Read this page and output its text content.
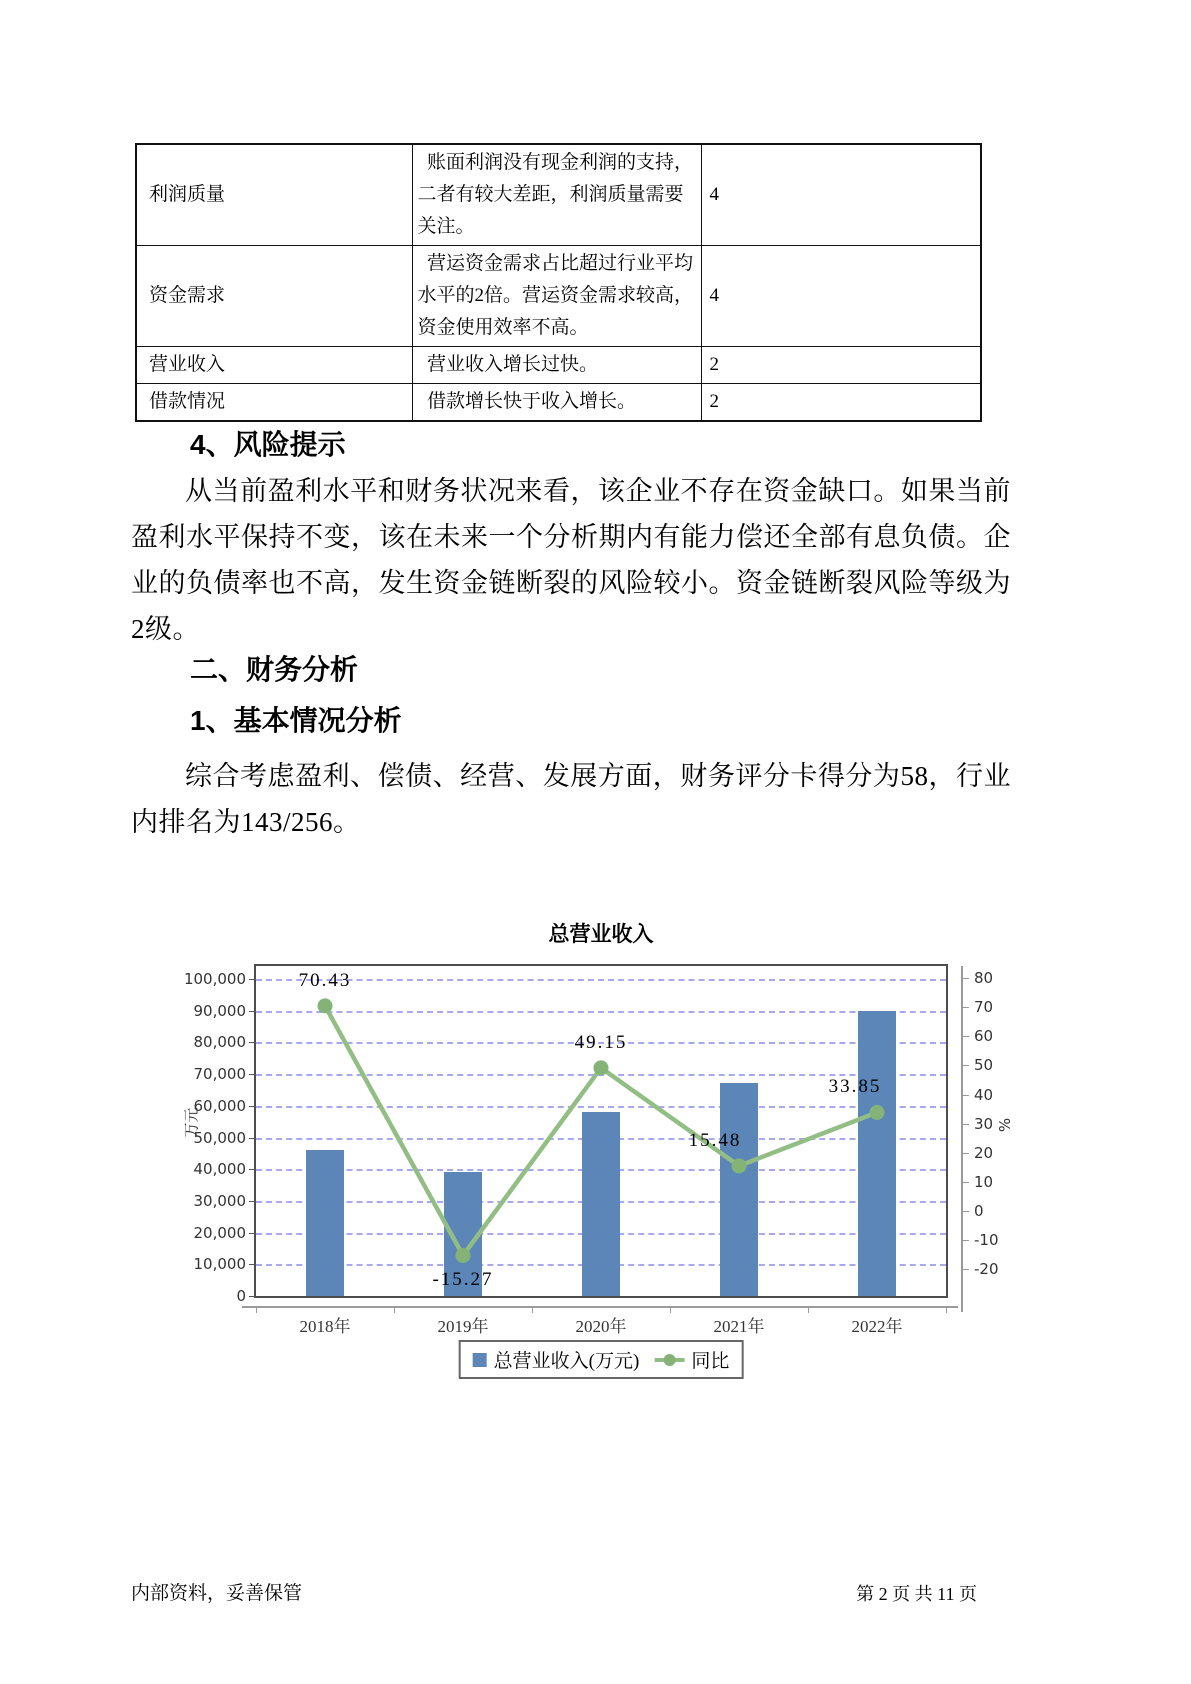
利润质量	账面利润没有现金利润的支持，二者有较大差距，利润质量需要关注。	4
资金需求	营运资金需求占比超过行业平均水平的2倍。营运资金需求较高，资金使用效率不高。	4
营业收入	营业收入增长过快。	2
借款情况	借款增长快于收入增长。	2
4、风险提示
从当前盈利水平和财务状况来看，该企业不存在资金缺口。如果当前盈利水平保持不变，该在未来一个分析期内有能力偿还全部有息负债。企业的负债率也不高，发生资金链断裂的风险较小。资金链断裂风险等级为2级。
二、财务分析
1、基本情况分析
综合考虑盈利、偿债、经营、发展方面，财务评分卡得分为58，行业内排名为143/256。
总营业收入
万元	%
0
10,000
20,000
30,000
40,000
50,000
60,000
70,000
80,000
90,000
100,000	70.43
-15.27
49.15
15.48
33.85
2018年	2019年	2020年	2021年	2022年
-20
-10
0
10
20
30
40
50
60
70
80
总营业收入(万元)	同比
内部资料，妥善保管	第 2 页 共 11 页
